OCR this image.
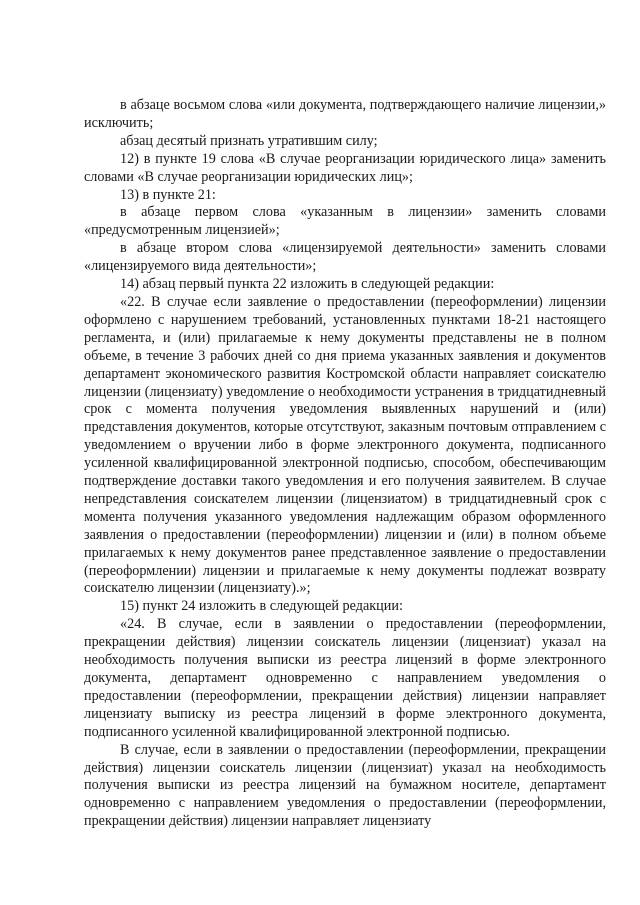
· ·

в абзаце восьмом слова «или документа, подтверждающего наличие лицензии,» исключить;

абзац десятый признать утратившим силу;

12) в пункте 19 слова «В случае реорганизации юридического лица» заменить словами «В случае реорганизации юридических лиц»;

13) в пункте 21:

в абзаце первом слова «указанным в лицензии» заменить словами «предусмотренным лицензией»;

в абзаце втором слова «лицензируемой деятельности» заменить словами «лицензируемого вида деятельности»;

14) абзац первый пункта 22 изложить в следующей редакции:

«22. В случае если заявление о предоставлении (переоформлении) лицензии оформлено с нарушением требований, установленных пунктами 18-21 настоящего регламента, и (или) прилагаемые к нему документы представлены не в полном объеме, в течение 3 рабочих дней со дня приема указанных заявления и документов департамент экономического развития Костромской области направляет соискателю лицензии (лицензиату) уведомление о необходимости устранения в тридцатидневный срок с момента получения уведомления выявленных нарушений и (или) представления документов, которые отсутствуют, заказным почтовым отправлением с уведомлением о вручении либо в форме электронного документа, подписанного усиленной квалифицированной электронной подписью, способом, обеспечивающим подтверждение доставки такого уведомления и его получения заявителем. В случае непредставления соискателем лицензии (лицензиатом) в тридцатидневный срок с момента получения указанного уведомления надлежащим образом оформленного заявления о предоставлении (переоформлении) лицензии и (или) в полном объеме прилагаемых к нему документов ранее представленное заявление о предоставлении (переоформлении) лицензии и прилагаемые к нему документы подлежат возврату соискателю лицензии (лицензиату).»;

15) пункт 24 изложить в следующей редакции:

«24. В случае, если в заявлении о предоставлении (переоформлении, прекращении действия) лицензии соискатель лицензии (лицензиат) указал на необходимость получения выписки из реестра лицензий в форме электронного документа, департамент одновременно с направлением уведомления о предоставлении (переоформлении, прекращении действия) лицензии направляет лицензиату выписку из реестра лицензий в форме электронного документа, подписанного усиленной квалифицированной электронной подписью.

В случае, если в заявлении о предоставлении (переоформлении, прекращении действия) лицензии соискатель лицензии (лицензиат) указал на необходимость получения выписки из реестра лицензий на бумажном носителе, департамент одновременно с направлением уведомления о предоставлении (переоформлении, прекращении действия) лицензии направляет лицензиату
